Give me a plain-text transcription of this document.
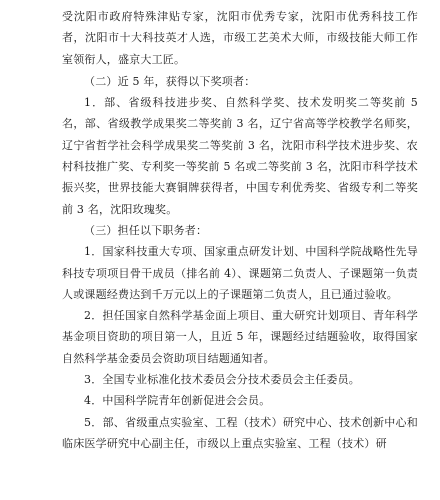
受沈阳市政府特殊津贴专家，沈阳市优秀专家，沈阳市优秀科技工作者，沈阳市十大科技英才人选，市级工艺美术大师，市级技能大师工作室领衔人，盛京大工匠。

（二）近 5 年，获得以下奖项者：

1．部、省级科技进步奖、自然科学奖、技术发明奖二等奖前 5 名，部、省级教学成果奖二等奖前 3 名，辽宁省高等学校教学名师奖，辽宁省哲学社会科学成果奖二等奖前 3 名，沈阳市科学技术进步奖、农村科技推广奖、专利奖一等奖前 5 名或二等奖前 3 名，沈阳市科学技术振兴奖，世界技能大赛铜牌获得者，中国专利优秀奖、省级专利二等奖前 3 名，沈阳玫瑰奖。

（三）担任以下职务者：

1．国家科技重大专项、国家重点研发计划、中国科学院战略性先导科技专项项目骨干成员（排名前 4）、课题第二负责人、子课题第一负责人或课题经费达到千万元以上的子课题第二负责人，且已通过验收。

2．担任国家自然科学基金面上项目、重大研究计划项目、青年科学基金项目资助的项目第一人，且近 5 年，课题经过结题验收，取得国家自然科学基金委员会资助项目结题通知者。

3．全国专业标准化技术委员会分技术委员会主任委员。

4．中国科学院青年创新促进会会员。

5．部、省级重点实验室、工程（技术）研究中心、技术创新中心和临床医学研究中心副主任，市级以上重点实验室、工程（技术）研
